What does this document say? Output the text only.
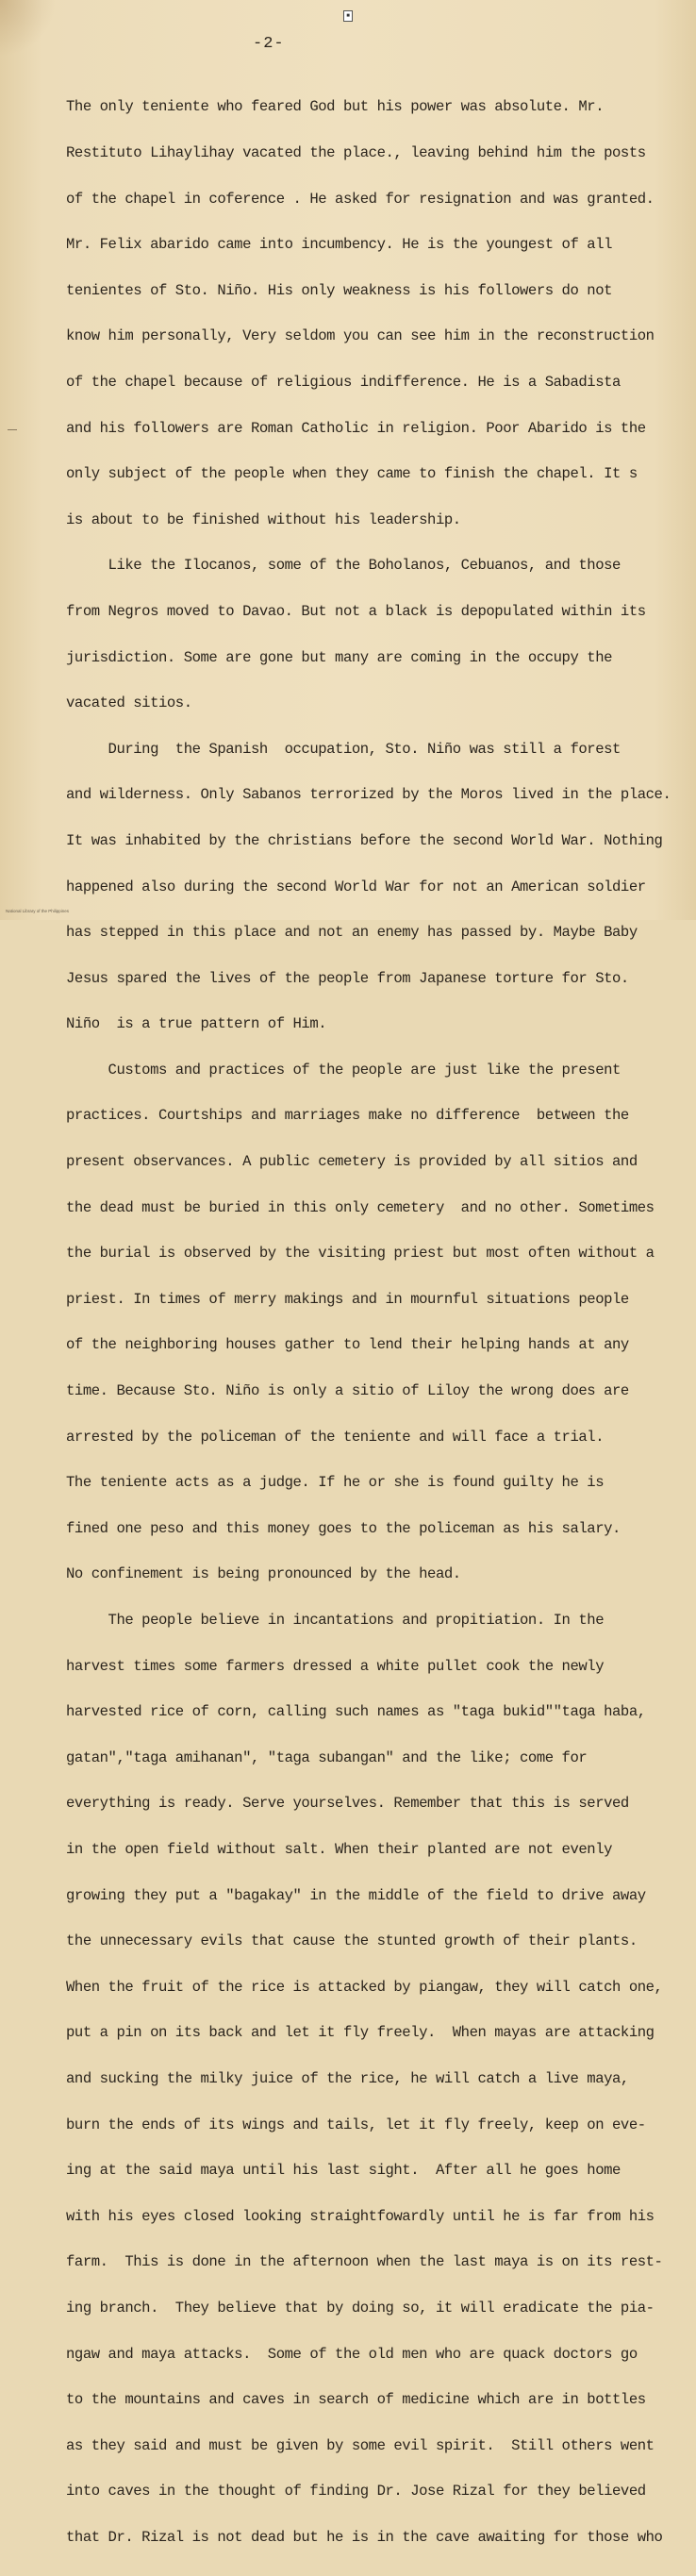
■
-2-

The only teniente who feared God but his power was absolute. Mr.

Restituto Lihaylihay vacated the place., leaving behind him the posts

of the chapel in coference . He asked for resignation and was granted.

Mr. Felix abarido came into incumbency. He is the youngest of all

tenientes of Sto. Niño. His only weakness is his followers do not

know him personally, Very seldom you can see him in the reconstruction

of the chapel because of religious indifference. He is a Sabadista

and his followers are Roman Catholic in religion. Poor Abarido is the

only subject of the people when they came to finish the chapel. It s

is about to be finished without his leadership.

Like the Ilocanos, some of the Boholanos, Cebuanos, and those

from Negros moved to Davao. But not a black is depopulated within its

jurisdiction. Some are gone but many are coming in the occupy the

vacated sitios.

During  the Spanish  occupation, Sto. Niño was still a forest

and wilderness. Only Sabanos terrorized by the Moros lived in the place.

It was inhabited by the christians before the second World War. Nothing

happened also during the second World War for not an American soldier

has stepped in this place and not an enemy has passed by. Maybe Baby

Jesus spared the lives of the people from Japanese torture for Sto.

Niño  is a true pattern of Him.

Customs and practices of the people are just like the present

practices. Courtships and marriages make no difference  between the

present observances. A public cemetery is provided by all sitios and

the dead must be buried in this only cemetery  and no other. Sometimes

the burial is observed by the visiting priest but most often without a

priest. In times of merry makings and in mournful situations people

of the neighboring houses gather to lend their helping hands at any

time. Because Sto. Niño is only a sitio of Liloy the wrong does are

arrested by the policeman of the teniente and will face a trial.

The teniente acts as a judge. If he or she is found guilty he is

fined one peso and this money goes to the policeman as his salary.

No confinement is being pronounced by the head.

The people believe in incantations and propitiation. In the

harvest times some farmers dressed a white pullet cook the newly

harvested rice of corn, calling such names as "taga bukid""taga haba,

gatan","taga amihanan", "taga subangan" and the like; come for

everything is ready. Serve yourselves. Remember that this is served

in the open field without salt. When their planted are not evenly

growing they put a "bagakay" in the middle of the field to drive away

the unnecessary evils that cause the stunted growth of their plants.

When the fruit of the rice is attacked by piangaw, they will catch one,

put a pin on its back and let it fly freely.  When mayas are attacking

and sucking the milky juice of the rice, he will catch a live maya,

burn the ends of its wings and tails, let it fly freely, keep on eve-

ing at the said maya until his last sight.  After all he goes home

with his eyes closed looking straightfowardly until he is far from his

farm.  This is done in the afternoon when the last maya is on its rest-

ing branch.  They believe that by doing so, it will eradicate the pia-

ngaw and maya attacks.  Some of the old men who are quack doctors go

to the mountains and caves in search of medicine which are in bottles

as they said and must be given by some evil spirit.  Still others went

into caves in the thought of finding Dr. Jose Rizal for they believed

that Dr. Rizal is not dead but he is in the cave awaiting for those who

National Library of the Philippines
